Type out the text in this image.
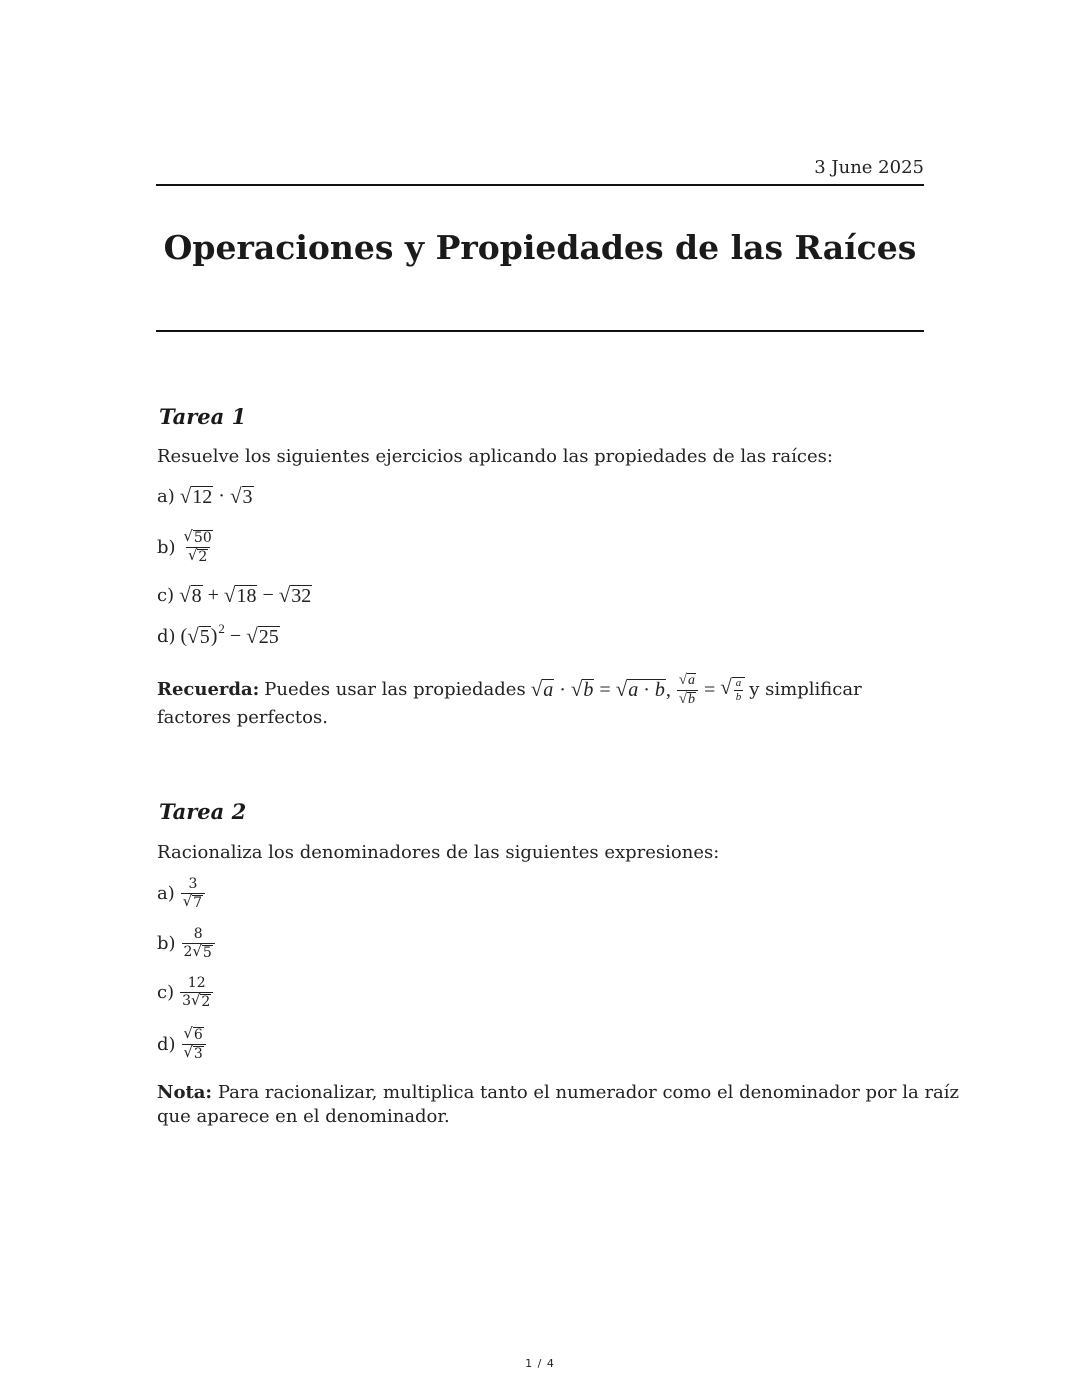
3 June 2025
Operaciones y Propiedades de las Raíces
Tarea 1
Resuelve los siguientes ejercicios aplicando las propiedades de las raíces:
a) √ 12 · √ 3
$b) \frac{√ 50}{√ 2}$
c) √ 8 + √ 18 − √ 32
d) ( √ 5 ) 2 − √ 25
Recuerda: Puedes usar las propiedades √ a · √ b = √ a · b , $\frac{√ a}{√ b}$ = √ $\frac{a}{b}$ y simplificar
factores perfectos.
Tarea 2
Racionaliza los denominadores de las siguientes expresiones:
$a) \frac{3}{√ 7}$
$b) \frac{8}{2 √ 5}$
$c) \frac{12}{3 √ 2}$
$d) \frac{√ 6}{√ 3}$
Nota: Para racionalizar, multiplica tanto el numerador como el denominador por la raíz
que aparece en el denominador.
1 / 4
